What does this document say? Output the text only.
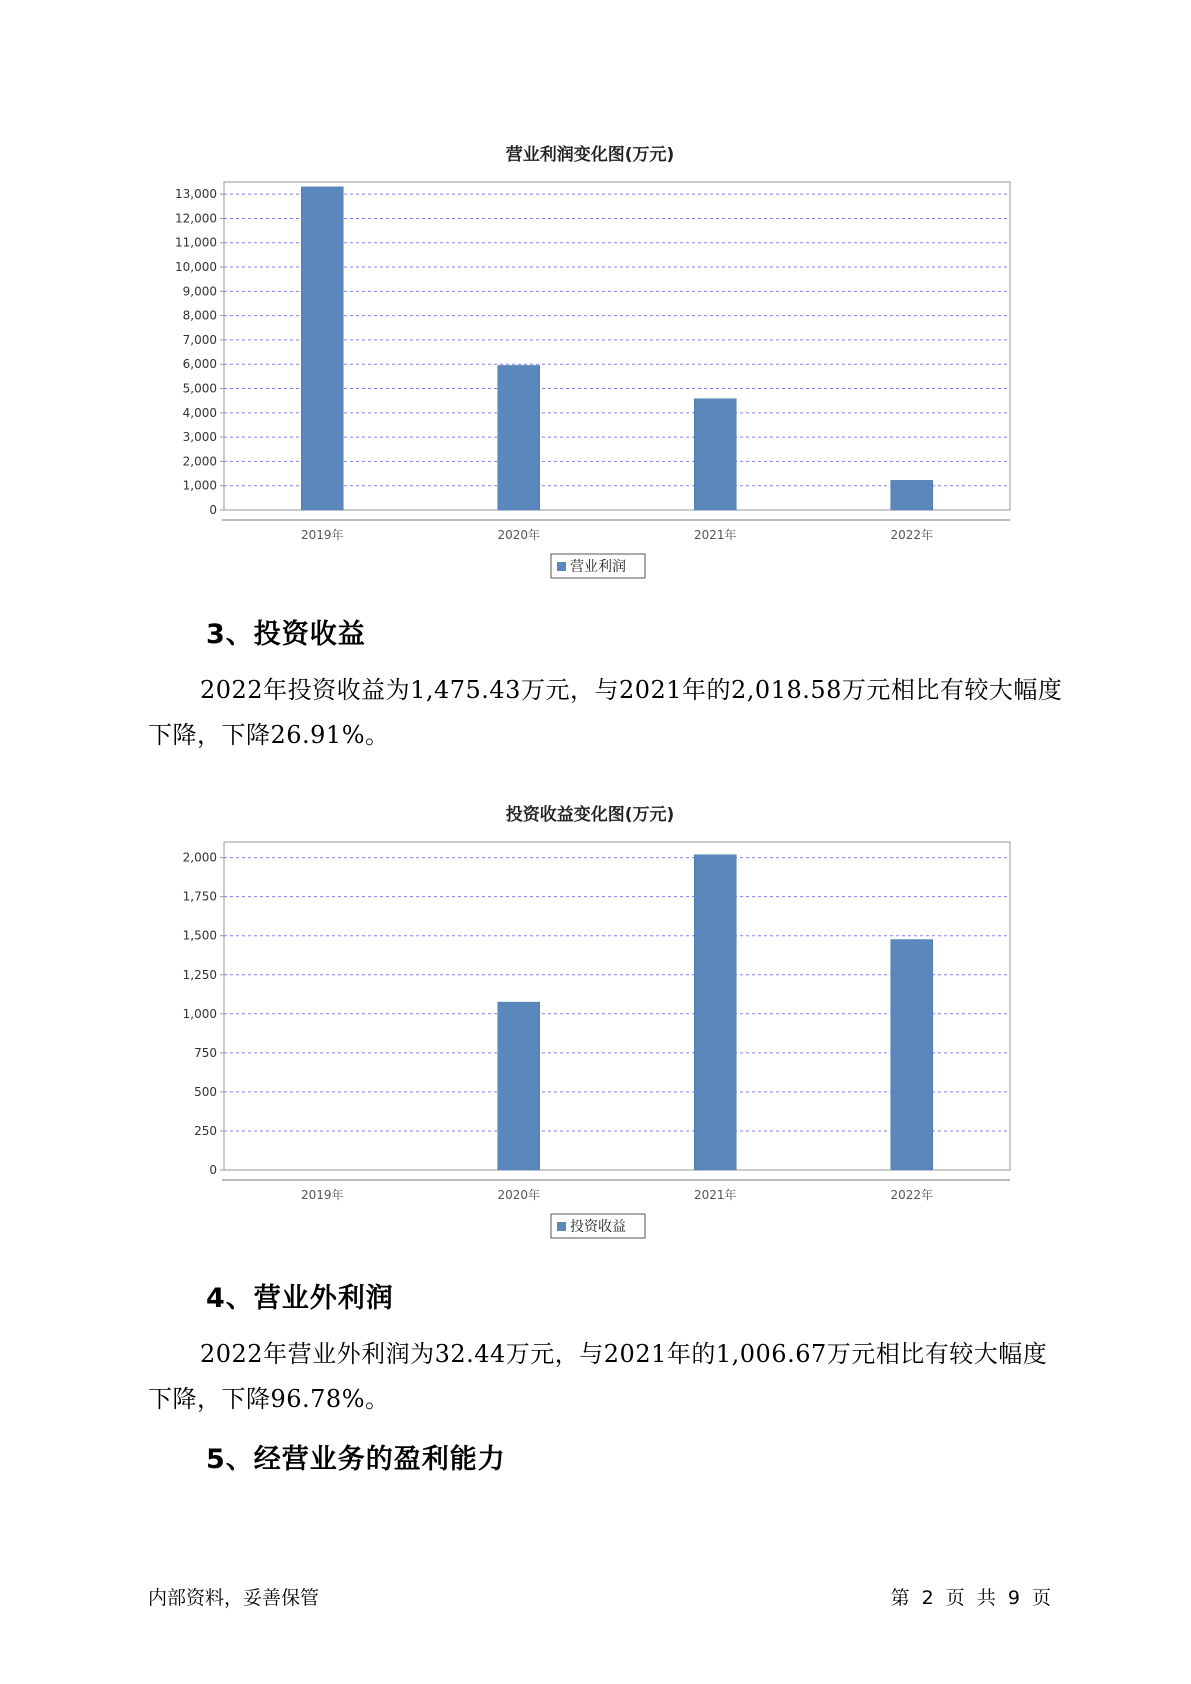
营业利润变化图(万元)
0
1,000
2,000
3,000
4,000
5,000
6,000
7,000
8,000
9,000
10,000
11,000
12,000
13,000
2019年	2020年	2021年	2022年
营业利润
3、投资收益

2022年投资收益为1,475.43万元，与2021年的2,018.58万元相比有较大幅度下降，下降26.91%。

投资收益变化图(万元)
0
250
500
750
1,000
1,250
1,500
1,750
2,000
2019年	2020年	2021年	2022年
投资收益
4、营业外利润

2022年营业外利润为32.44万元，与2021年的1,006.67万元相比有较大幅度下降，下降96.78%。

5、经营业务的盈利能力
内部资料，妥善保管	第 2 页 共 9 页
